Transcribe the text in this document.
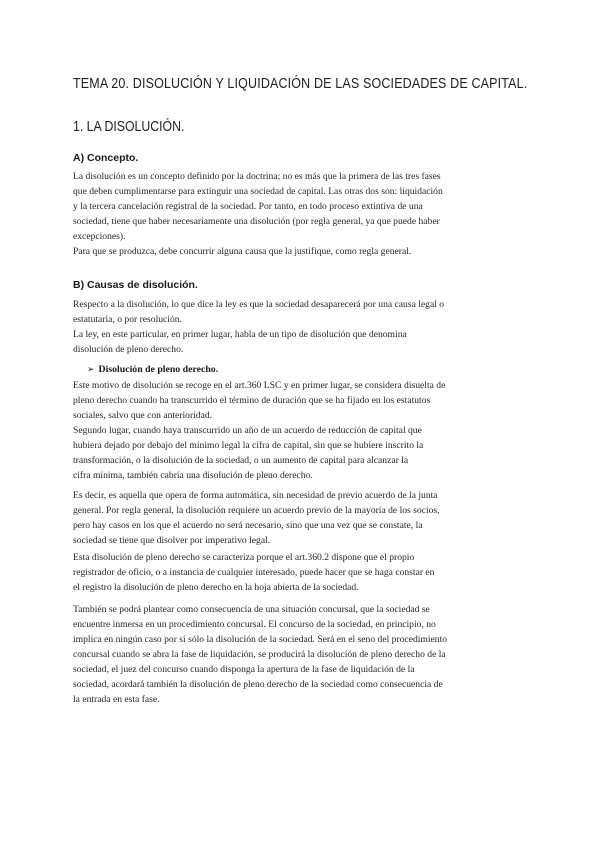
TEMA 20. DISOLUCIÓN Y LIQUIDACIÓN DE LAS SOCIEDADES DE CAPITAL.
1. LA DISOLUCIÓN.
A) Concepto.

La disolución es un concepto definido por la doctrina; no es más que la primera de las tres fases
que deben cumplimentarse para extinguir una sociedad de capital. Las otras dos son: liquidación
y la tercera cancelación registral de la sociedad. Por tanto, en todo proceso extintiva de una
sociedad, tiene que haber necesariamente una disolución (por regla general, ya que puede haber
excepciones).
Para que se produzca, debe concurrir alguna causa que la justifique, como regla general.

B) Causas de disolución.

Respecto a la disolución, lo que dice la ley es que la sociedad desaparecerá por una causa legal o
estatutaria, o por resolución.
La ley, en este particular, en primer lugar, habla de un tipo de disolución que denomina
disolución de pleno derecho.

➢ Disolución de pleno derecho.

Este motivo de disolución se recoge en el art.360 LSC y en primer lugar, se considera disuelta de
pleno derecho cuando ha transcurrido el término de duración que se ha fijado en los estatutos
sociales, salvo que con anterioridad.
Segundo lugar, cuando haya transcurrido un año de un acuerdo de reducción de capital que
hubiera dejado por debajo del mínimo legal la cifra de capital, sin que se hubiere inscrito la
transformación, o la disolución de la sociedad, o un aumento de capital para alcanzar la
cifra mínima, también cabría una disolución de pleno derecho.

Es decir, es aquella que opera de forma automática, sin necesidad de previo acuerdo de la junta
general. Por regla general, la disolución requiere un acuerdo previo de la mayoría de los socios,
pero hay casos en los que el acuerdo no será necesario, sino que una vez que se constate, la
sociedad se tiene que disolver por imperativo legal.

Esta disolución de pleno derecho se caracteriza porque el art.360.2 dispone que el propio
registrador de oficio, o a instancia de cualquier interesado, puede hacer que se haga constar en
el registro la disolución de pleno derecho en la hoja abierta de la sociedad.

También se podrá plantear como consecuencia de una situación concursal, que la sociedad se
encuentre inmersa en un procedimiento concursal. El concurso de la sociedad, en principio, no
implica en ningún caso por sí sólo la disolución de la sociedad. Será en el seno del procedimiento
concursal cuando se abra la fase de liquidación, se producirá la disolución de pleno derecho de la
sociedad, el juez del concurso cuando disponga la apertura de la fase de liquidación de la
sociedad, acordará también la disolución de pleno derecho de la sociedad como consecuencia de
la entrada en esta fase.
